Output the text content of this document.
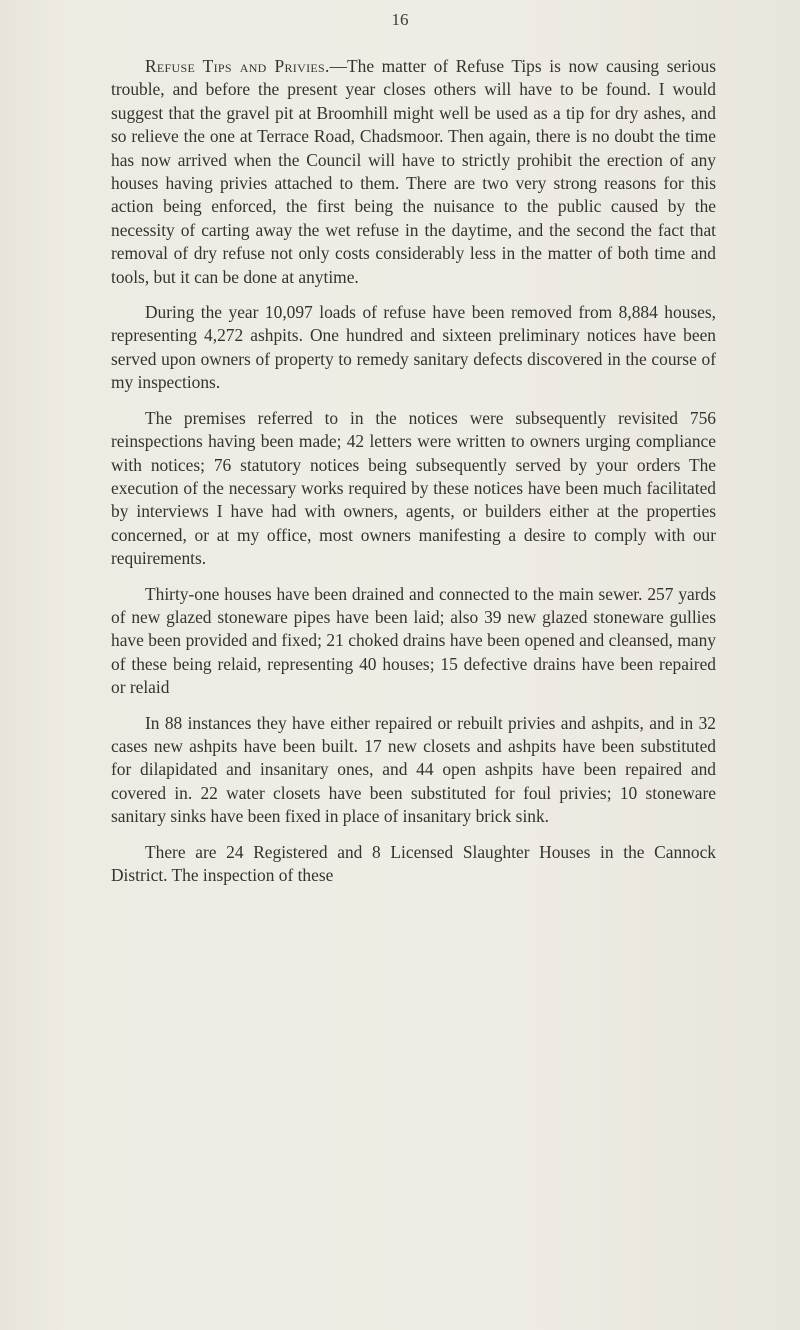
16

Refuse Tips and Privies.—The matter of Refuse Tips is now causing serious trouble, and before the present year closes others will have to be found. I would suggest that the gravel pit at Broomhill might well be used as a tip for dry ashes, and so relieve the one at Terrace Road, Chadsmoor. Then again, there is no doubt the time has now arrived when the Council will have to strictly prohibit the erection of any houses having privies attached to them. There are two very strong reasons for this action being enforced, the first being the nuisance to the public caused by the necessity of carting away the wet refuse in the daytime, and the second the fact that removal of dry refuse not only costs considerably less in the matter of both time and tools, but it can be done at anytime.

During the year 10,097 loads of refuse have been removed from 8,884 houses, representing 4,272 ashpits. One hundred and sixteen preliminary notices have been served upon owners of property to remedy sanitary defects discovered in the course of my inspections.

The premises referred to in the notices were subsequently revisited 756 reinspections having been made; 42 letters were written to owners urging compliance with notices; 76 statutory notices being subsequently served by your orders The execution of the necessary works required by these notices have been much facilitated by interviews I have had with owners, agents, or builders either at the properties concerned, or at my office, most owners manifesting a desire to comply with our requirements.

Thirty-one houses have been drained and connected to the main sewer. 257 yards of new glazed stoneware pipes have been laid; also 39 new glazed stoneware gullies have been provided and fixed; 21 choked drains have been opened and cleansed, many of these being relaid, representing 40 houses; 15 defective drains have been repaired or relaid

In 88 instances they have either repaired or rebuilt privies and ashpits, and in 32 cases new ashpits have been built. 17 new closets and ashpits have been substituted for dilapidated and insanitary ones, and 44 open ashpits have been repaired and covered in. 22 water closets have been substituted for foul privies; 10 stoneware sanitary sinks have been fixed in place of insanitary brick sink.

There are 24 Registered and 8 Licensed Slaughter Houses in the Cannock District. The inspection of these
